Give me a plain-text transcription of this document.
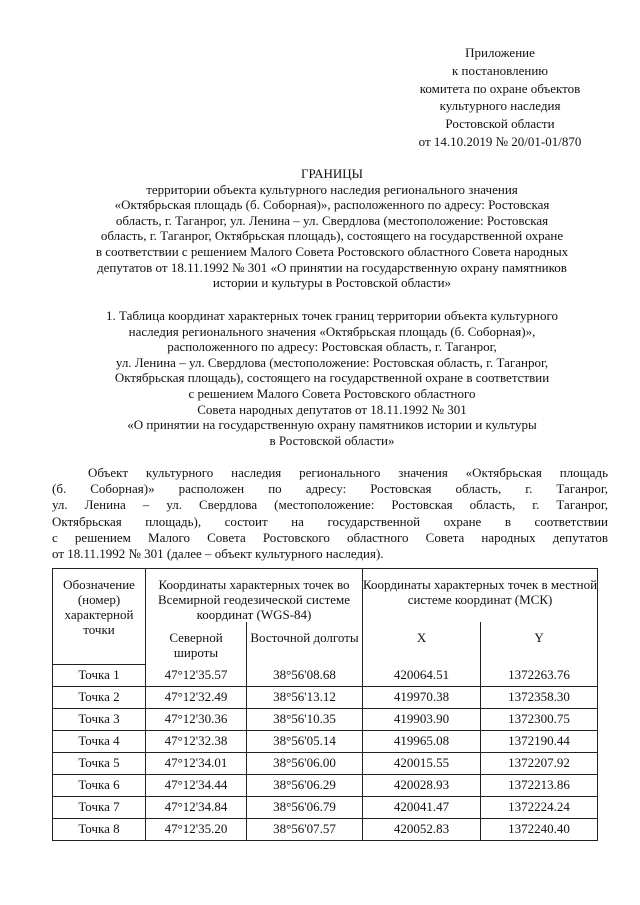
Приложение
к постановлению
комитета по охране объектов
культурного наследия
Ростовской области
от 14.10.2019 № 20/01-01/870
ГРАНИЦЫ
территории объекта культурного наследия регионального значения
«Октябрьская площадь (б. Соборная)», расположенного по адресу: Ростовская
область, г. Таганрог, ул. Ленина – ул. Свердлова (местоположение: Ростовская
область, г. Таганрог, Октябрьская площадь), состоящего на государственной охране
в соответствии с решением Малого Совета Ростовского областного Совета народных
депутатов от 18.11.1992 № 301 «О принятии на государственную охрану памятников
истории и культуры в Ростовской области»
1. Таблица координат характерных точек границ территории объекта культурного
наследия регионального значения «Октябрьская площадь (б. Соборная)»,
расположенного по адресу: Ростовская область, г. Таганрог,
ул. Ленина – ул. Свердлова (местоположение: Ростовская область, г. Таганрог,
Октябрьская площадь), состоящего на государственной охране в соответствии
с решением Малого Совета Ростовского областного
Совета народных депутатов от 18.11.1992 № 301
«О принятии на государственную охрану памятников истории и культуры
в Ростовской области»
Объект культурного наследия регионального значения «Октябрьская площадь
(б. Соборная)» расположен по адресу: Ростовская область, г. Таганрог,
ул. Ленина – ул. Свердлова (местоположение: Ростовская область, г. Таганрог,
Октябрьская площадь), состоит на государственной охране в соответствии
с решением Малого Совета Ростовского областного Совета народных депутатов
от 18.11.1992 № 301 (далее – объект культурного наследия).
Обозначение (номер) характерной точки	Координаты характерных точек во Всемирной геодезической системе координат (WGS-84)		Координаты характерных точек в местной системе координат (МСК)	
	Северной широты	Восточной долготы	X	Y
Точка 1	47°12'35.57	38°56'08.68	420064.51	1372263.76
Точка 2	47°12'32.49	38°56'13.12	419970.38	1372358.30
Точка 3	47°12'30.36	38°56'10.35	419903.90	1372300.75
Точка 4	47°12'32.38	38°56'05.14	419965.08	1372190.44
Точка 5	47°12'34.01	38°56'06.00	420015.55	1372207.92
Точка 6	47°12'34.44	38°56'06.29	420028.93	1372213.86
Точка 7	47°12'34.84	38°56'06.79	420041.47	1372224.24
Точка 8	47°12'35.20	38°56'07.57	420052.83	1372240.40
